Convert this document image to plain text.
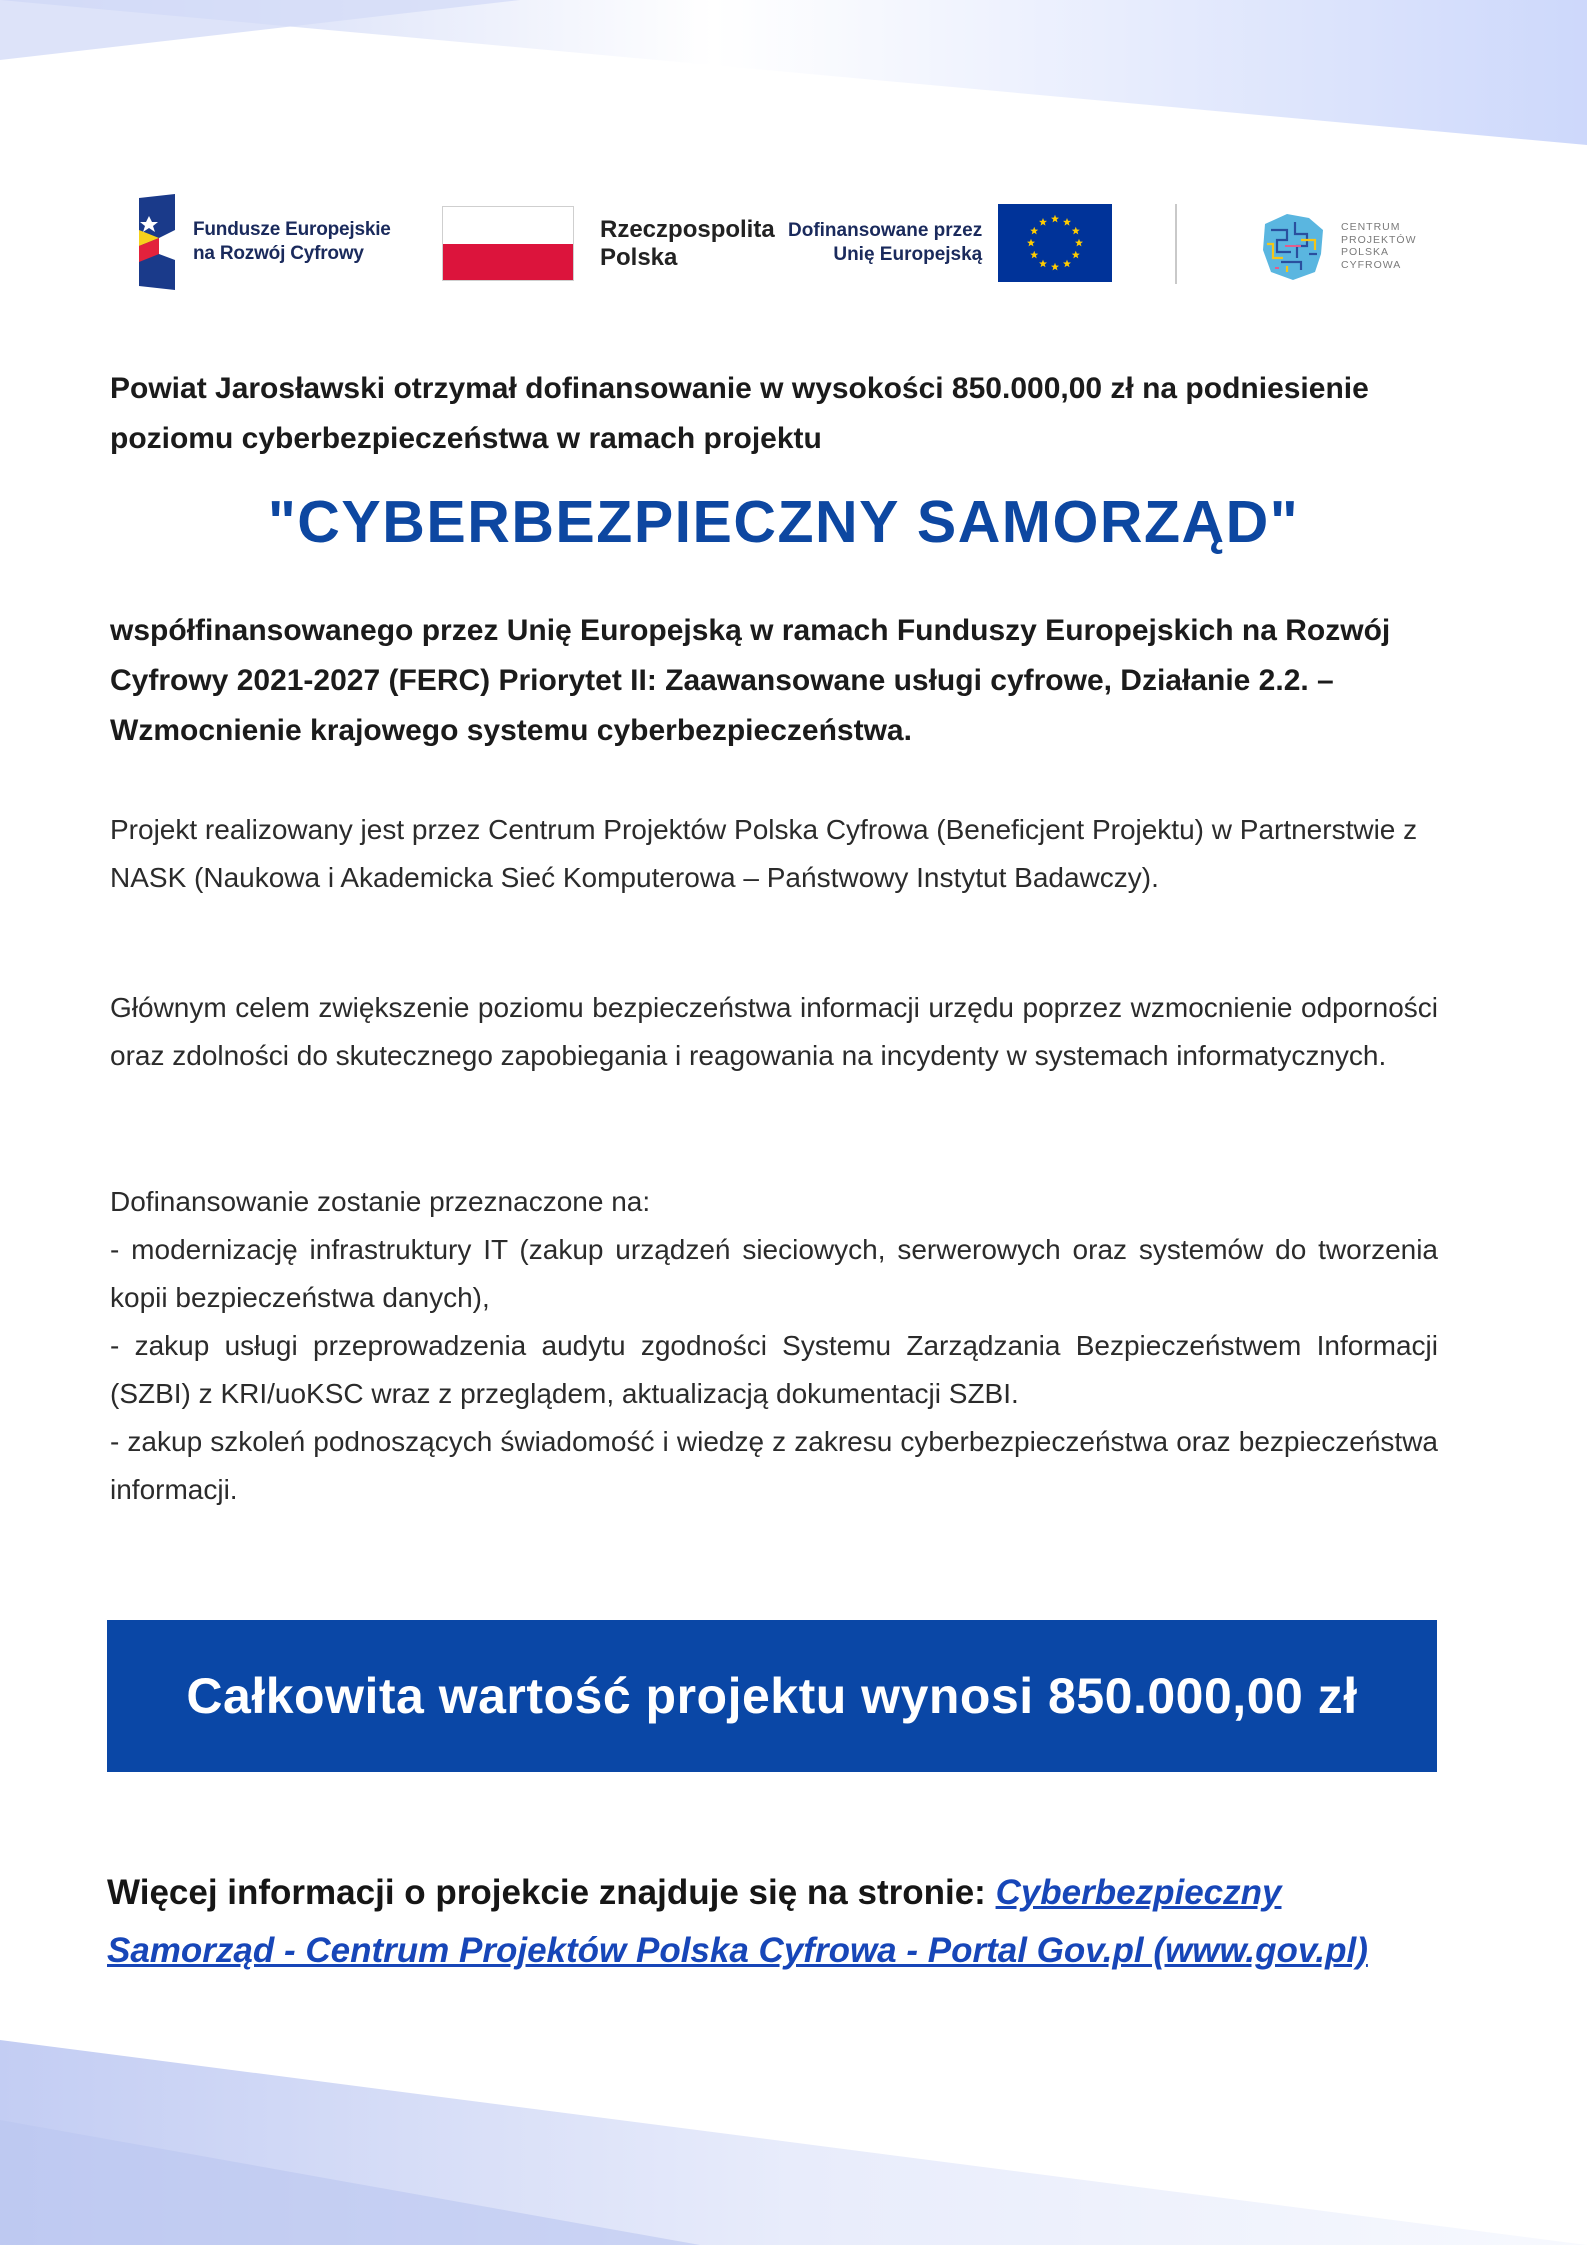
Fundusze Europejskie
na Rozwój Cyfrowy
Rzeczpospolita
Polska
Dofinansowane przez
Unię Europejską
CENTRUM
PROJEKTÓW
POLSKA
CYFROWA

Powiat Jarosławski otrzymał dofinansowanie w wysokości 850.000,00 zł na podniesienie poziomu cyberbezpieczeństwa w ramach projektu

"CYBERBEZPIECZNY SAMORZĄD"

współfinansowanego przez Unię Europejską w ramach Funduszy Europejskich na Rozwój Cyfrowy 2021-2027 (FERC) Priorytet II: Zaawansowane usługi cyfrowe, Działanie 2.2. – Wzmocnienie krajowego systemu cyberbezpieczeństwa.

Projekt realizowany jest przez Centrum Projektów Polska Cyfrowa (Beneficjent Projektu) w Partnerstwie z NASK (Naukowa i Akademicka Sieć Komputerowa – Państwowy Instytut Badawczy).

Głównym celem zwiększenie poziomu bezpieczeństwa informacji urzędu poprzez wzmocnienie odporności oraz zdolności do skutecznego zapobiegania i reagowania na incydenty w systemach informatycznych.

Dofinansowanie zostanie przeznaczone na:
- modernizację infrastruktury IT (zakup urządzeń sieciowych, serwerowych oraz systemów do tworzenia kopii bezpieczeństwa danych),
- zakup usługi przeprowadzenia audytu zgodności Systemu Zarządzania Bezpieczeństwem Informacji (SZBI) z KRI/uoKSC wraz z przeglądem, aktualizacją dokumentacji SZBI.
- zakup szkoleń podnoszących świadomość i wiedzę z zakresu cyberbezpieczeństwa oraz bezpieczeństwa informacji.
Całkowita wartość projektu wynosi 850.000,00 zł

Więcej informacji o projekcie znajduje się na stronie: Cyberbezpieczny Samorząd - Centrum Projektów Polska Cyfrowa - Portal Gov.pl (www.gov.pl)
